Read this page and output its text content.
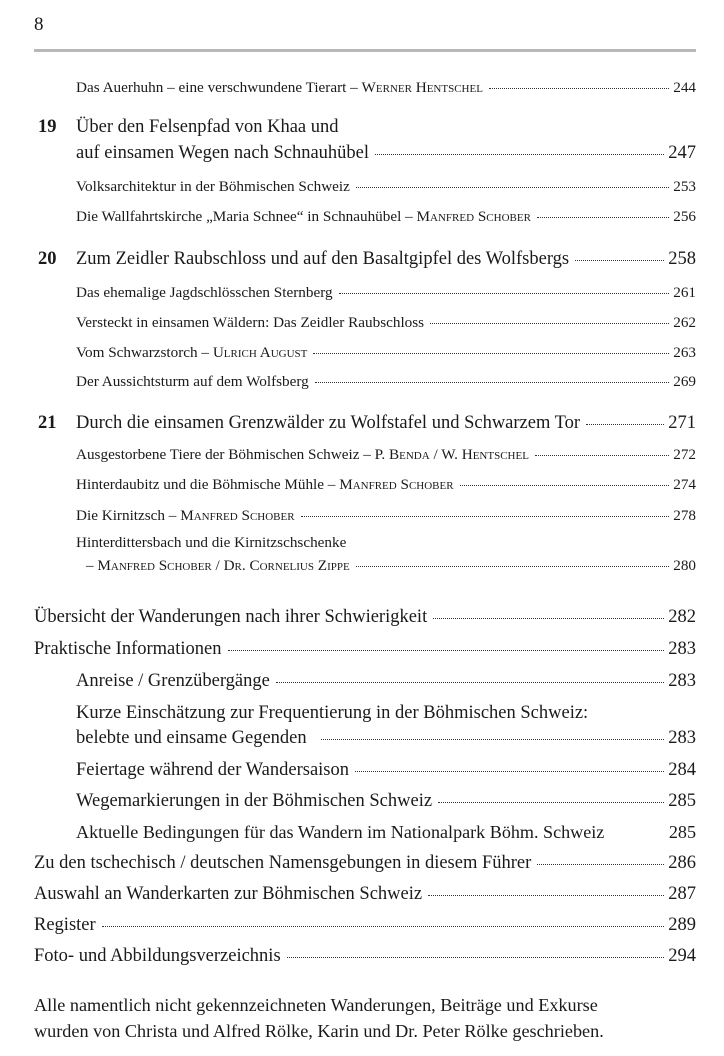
8
Das Auerhuhn – eine verschwundene Tierart – Werner Hentschel	244
19 Über den Felsenpfad von Khaa und
auf einsamen Wegen nach Schnauhübel	247
Volksarchitektur in der Böhmischen Schweiz	253
Die Wallfahrtskirche „Maria Schnee“ in Schnauhübel – Manfred Schober	256
20 Zum Zeidler Raubschloss und auf den Basaltgipfel des Wolfsbergs	258
Das ehemalige Jagdschlösschen Sternberg	261
Versteckt in einsamen Wäldern: Das Zeidler Raubschloss	262
Vom Schwarzstorch – Ulrich August	263
Der Aussichtsturm auf dem Wolfsberg	269
21 Durch die einsamen Grenzwälder zu Wolfstafel und Schwarzem Tor	271
Ausgestorbene Tiere der Böhmischen Schweiz – P. Benda / W. Hentschel	272
Hinterdaubitz und die Böhmische Mühle – Manfred Schober	274
Die Kirnitzsch – Manfred Schober	278
Hinterdittersbach und die Kirnitzschschenke
– Manfred Schober / Dr. Cornelius Zippe	280
Übersicht der Wanderungen nach ihrer Schwierigkeit	282
Praktische Informationen	283
Anreise / Grenzübergänge	283
Kurze Einschätzung zur Frequentierung in der Böhmischen Schweiz:
belebte und einsame Gegenden	283
Feiertage während der Wandersaison	284
Wegemarkierungen in der Böhmischen Schweiz	285
Aktuelle Bedingungen für das Wandern im Nationalpark Böhm. Schweiz	285
Zu den tschechisch / deutschen Namensgebungen in diesem Führer	286
Auswahl an Wanderkarten zur Böhmischen Schweiz	287
Register	289
Foto- und Abbildungsverzeichnis	294
Alle namentlich nicht gekennzeichneten Wanderungen, Beiträge und Exkurse
wurden von Christa und Alfred Rölke, Karin und Dr. Peter Rölke geschrieben.
